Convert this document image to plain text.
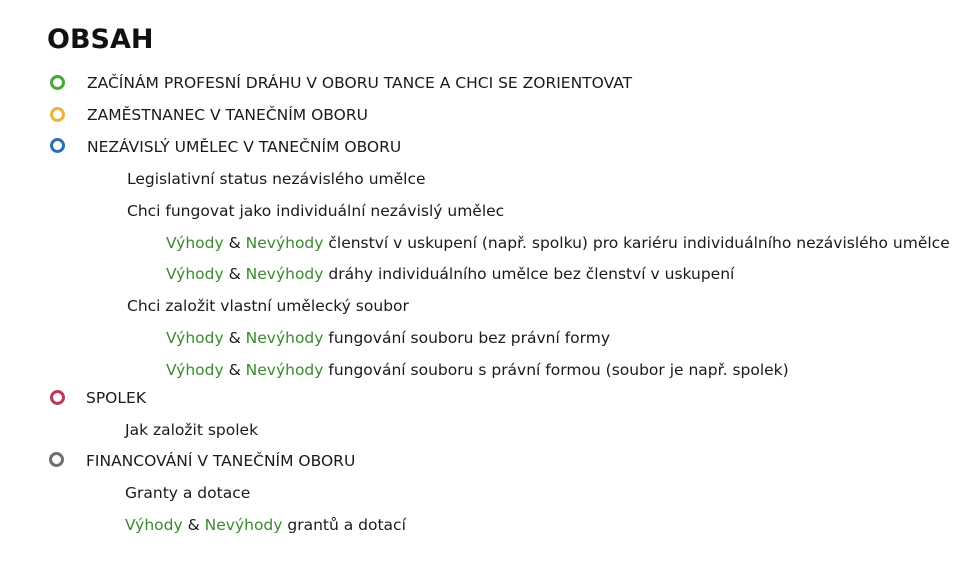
OBSAH
ZAČÍNÁM PROFESNÍ DRÁHU V OBORU TANCE A CHCI SE ZORIENTOVAT
ZAMĚSTNANEC V TANEČNÍM OBORU
NEZÁVISLÝ UMĚLEC V TANEČNÍM OBORU
Legislativní status nezávislého umělce
Chci fungovat jako individuální nezávislý umělec
Výhody & Nevýhody členství v uskupení (např. spolku) pro kariéru individuálního nezávislého umělce
Výhody & Nevýhody dráhy individuálního umělce bez členství v uskupení
Chci založit vlastní umělecký soubor
Výhody & Nevýhody fungování souboru bez právní formy
Výhody & Nevýhody fungování souboru s právní formou (soubor je např. spolek)
SPOLEK
Jak založit spolek
FINANCOVÁNÍ V TANEČNÍM OBORU
Granty a dotace
Výhody & Nevýhody grantů a dotací
